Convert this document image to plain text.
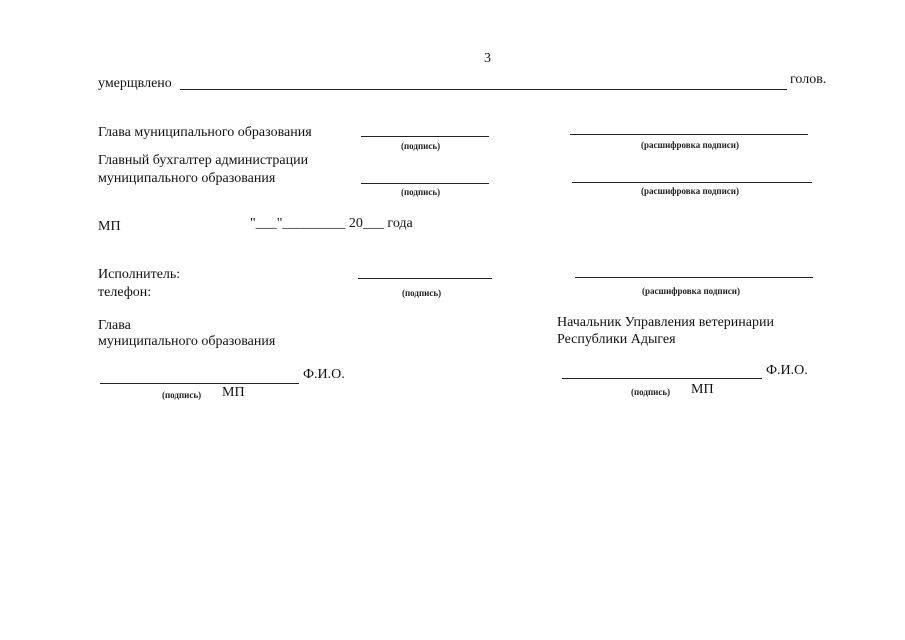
3
умерщвлено	голов.
Глава муниципального образования
(подпись)	(расшифровка подписи)
Главный бухгалтер администрации
муниципального образования
(подпись)	(расшифровка подписи)
МП	"___"_________ 20___ года
Исполнитель:
телефон:	(подпись)	(расшифровка подписи)
Глава
муниципального образования
Ф.И.О.
(подпись) МП
Начальник Управления ветеринарии
Республики Адыгея
Ф.И.О.
(подпись) МП
